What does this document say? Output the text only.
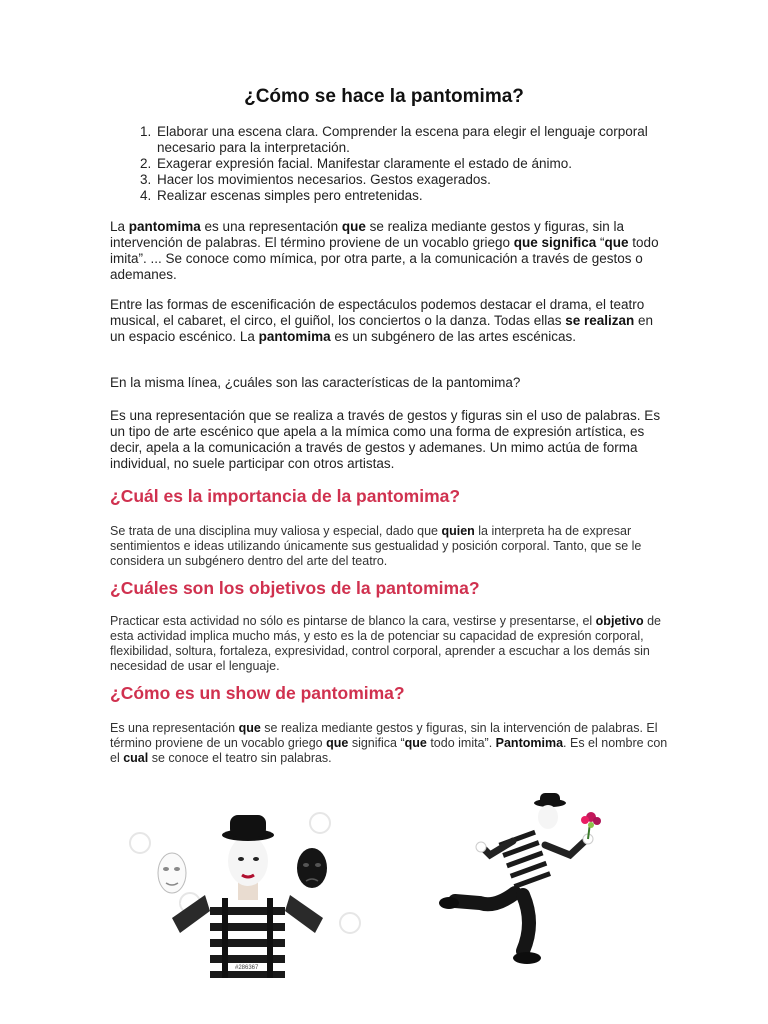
¿Cómo se hace la pantomima?
1. Elaborar una escena clara. Comprender la escena para elegir el lenguaje corporal necesario para la interpretación.
2. Exagerar expresión facial. Manifestar claramente el estado de ánimo.
3. Hacer los movimientos necesarios. Gestos exagerados.
4. Realizar escenas simples pero entretenidas.

La pantomima es una representación que se realiza mediante gestos y figuras, sin la intervención de palabras. El término proviene de un vocablo griego que significa “que todo imita”. ... Se conoce como mímica, por otra parte, a la comunicación a través de gestos o ademanes.

Entre las formas de escenificación de espectáculos podemos destacar el drama, el teatro musical, el cabaret, el circo, el guiñol, los conciertos o la danza. Todas ellas se realizan en un espacio escénico. La pantomima es un subgénero de las artes escénicas.

En la misma línea, ¿cuáles son las características de la pantomima?

Es una representación que se realiza a través de gestos y figuras sin el uso de palabras. Es un tipo de arte escénico que apela a la mímica como una forma de expresión artística, es decir, apela a la comunicación a través de gestos y ademanes. Un mimo actúa de forma individual, no suele participar con otros artistas.

¿Cuál es la importancia de la pantomima?

Se trata de una disciplina muy valiosa y especial, dado que quien la interpreta ha de expresar sentimientos e ideas utilizando únicamente sus gestualidad y posición corporal. Tanto, que se le considera un subgénero dentro del arte del teatro.

¿Cuáles son los objetivos de la pantomima?

Practicar esta actividad no sólo es pintarse de blanco la cara, vestirse y presentarse, el objetivo de esta actividad implica mucho más, y esto es la de potenciar su capacidad de expresión corporal, flexibilidad, soltura, fortaleza, expresividad, control corporal, aprender a escuchar a los demás sin necesidad de usar el lenguaje.

¿Cómo es un show de pantomima?

Es una representación que se realiza mediante gestos y figuras, sin la intervención de palabras. El término proviene de un vocablo griego que significa “que todo imita”. Pantomima. Es el nombre con el cual se conoce el teatro sin palabras.

#286367
